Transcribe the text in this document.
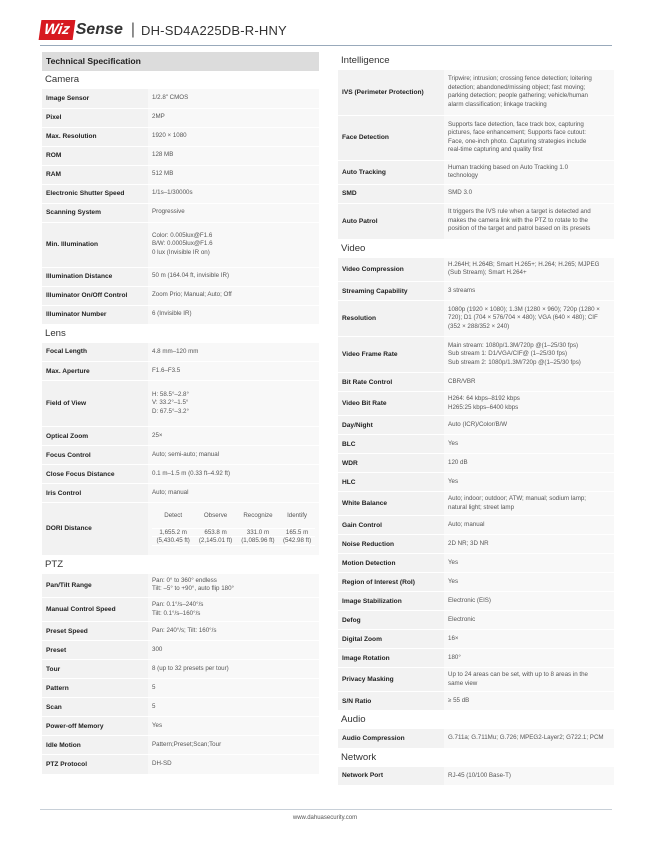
Wiz Sense | DH-SD4A225DB-R-HNY
Technical Specification
Camera
Image Sensor	1/2.8" CMOS

Pixel	2MP

Max. Resolution	1920 × 1080

ROM	128 MB

RAM	512 MB

Electronic Shutter Speed	1/1s–1/30000s

Scanning System	Progressive

Min. Illumination	Color: 0.005lux@F1.6
B/W: 0.0005lux@F1.6
0 lux (Invisible IR on)

Illumination Distance	50 m (164.04 ft, invisible IR)

Illuminator On/Off Control	Zoom Prio; Manual; Auto; Off

Illuminator Number	6 (Invisible IR)
Lens
Focal Length	4.8 mm–120 mm

Max. Aperture	F1.6–F3.5

Field of View	H: 58.5°–2.8°
V: 33.2°–1.5°
D: 67.5°–3.2°

Optical Zoom	25×

Focus Control	Auto; semi-auto; manual

Close Focus Distance	0.1 m–1.5 m (0.33 ft–4.92 ft)

Iris Control	Auto; manual
DORI Distance	
Detect	Observe	Recognize	Identify
1,655.2 m	653.8 m	331.0 m	165.5 m
(5,430.45 ft)	(2,145.01 ft)	(1,085.96 ft)	(542.98 ft)
PTZ
Pan/Tilt Range	Pan: 0° to 360° endless
Tilt: –5° to +90°, auto flip 180°

Manual Control Speed	Pan: 0.1°/s–240°/s
Tilt: 0.1°/s–160°/s

Preset Speed	Pan: 240°/s; Tilt: 160°/s

Preset	300

Tour	8 (up to 32 presets per tour)

Pattern	5

Scan	5

Power-off Memory	Yes

Idle Motion	Pattern;Preset;Scan;Tour

PTZ Protocol	DH-SD
Intelligence
IVS (Perimeter Protection)	Tripwire; intrusion; crossing fence detection; loitering
detection; abandoned/missing object; fast moving;
parking detection; people gathering; vehicle/human
alarm classification; linkage tracking

Face Detection	Supports face detection, face track box, capturing
pictures, face enhancement; Supports face cutout:
Face, one-inch photo. Capturing strategies include
real-time capturing and quality first

Auto Tracking	Human tracking based on Auto Tracking 1.0
technology

SMD	SMD 3.0

Auto Patrol	It triggers the IVS rule when a target is detected and
makes the camera link with the PTZ to rotate to the
position of the target and patrol based on its presets
Video
Video Compression	H.264H; H.264B; Smart H.265+; H.264; H.265; MJPEG
(Sub Stream); Smart H.264+

Streaming Capability	3 streams

Resolution	1080p (1920 × 1080); 1.3M (1280 × 960); 720p (1280 ×
720); D1 (704 × 576/704 × 480); VGA (640 × 480); CIF
(352 × 288/352 × 240)

Video Frame Rate	Main stream: 1080p/1.3M/720p @(1–25/30 fps)
Sub stream 1: D1/VGA/CIF@ (1–25/30 fps)
Sub stream 2: 1080p/1.3M/720p @(1–25/30 fps)

Bit Rate Control	CBR/VBR

Video Bit Rate	H264: 64 kbps–8192 kbps
H265:25 kbps–6400 kbps

Day/Night	Auto (ICR)/Color/B/W

BLC	Yes

WDR	120 dB

HLC	Yes

White Balance	Auto; indoor; outdoor; ATW; manual; sodium lamp;
natural light; street lamp

Gain Control	Auto; manual

Noise Reduction	2D NR; 3D NR

Motion Detection	Yes

Region of Interest (RoI)	Yes

Image Stabilization	Electronic (EIS)

Defog	Electronic

Digital Zoom	16×

Image Rotation	180°

Privacy Masking	Up to 24 areas can be set, with up to 8 areas in the
same view

S/N Ratio	≥ 55 dB
Audio
Audio Compression	G.711a; G.711Mu; G.726; MPEG2-Layer2; G722.1; PCM
Network
Network Port	RJ-45 (10/100 Base-T)
www.dahuasecurity.com
